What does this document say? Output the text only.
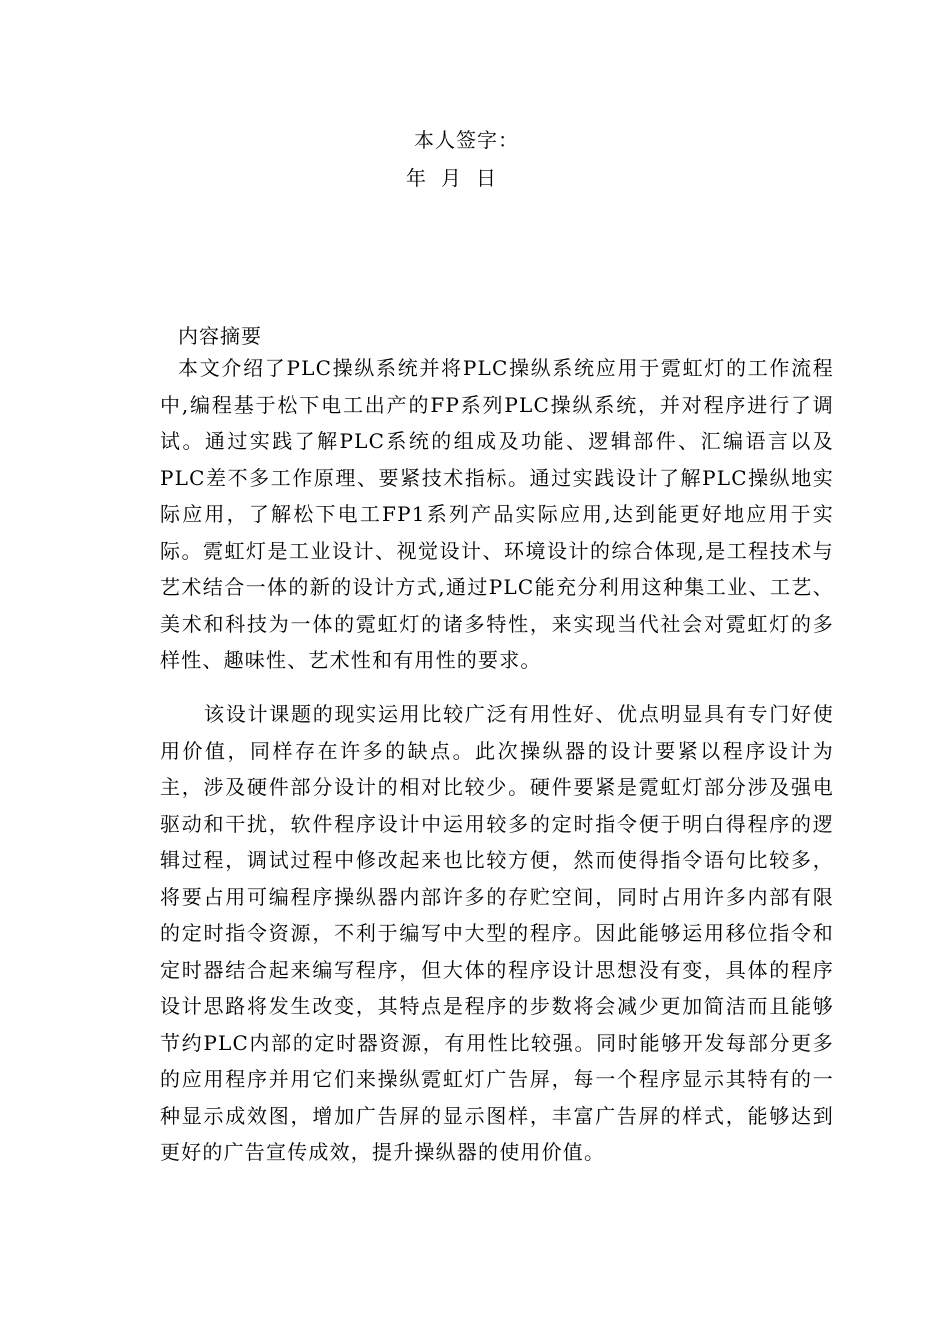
本人签字：
年 月 日
内容摘要

本文介绍了PLC操纵系统并将PLC操纵系统应用于霓虹灯的工作流程中,编程基于松下电工出产的FP系列PLC操纵系统，并对程序进行了调试。通过实践了解PLC系统的组成及功能、逻辑部件、汇编语言以及PLC差不多工作原理、要紧技术指标。通过实践设计了解PLC操纵地实际应用，了解松下电工FP1系列产品实际应用,达到能更好地应用于实际。霓虹灯是工业设计、视觉设计、环境设计的综合体现,是工程技术与艺术结合一体的新的设计方式,通过PLC能充分利用这种集工业、工艺、美术和科技为一体的霓虹灯的诸多特性，来实现当代社会对霓虹灯的多样性、趣味性、艺术性和有用性的要求。

该设计课题的现实运用比较广泛有用性好、优点明显具有专门好使用价值，同样存在许多的缺点。此次操纵器的设计要紧以程序设计为主，涉及硬件部分设计的相对比较少。硬件要紧是霓虹灯部分涉及强电驱动和干扰，软件程序设计中运用较多的定时指令便于明白得程序的逻辑过程，调试过程中修改起来也比较方便，然而使得指令语句比较多，将要占用可编程序操纵器内部许多的存贮空间，同时占用许多内部有限的定时指令资源，不利于编写中大型的程序。因此能够运用移位指令和定时器结合起来编写程序，但大体的程序设计思想没有变，具体的程序设计思路将发生改变，其特点是程序的步数将会减少更加简洁而且能够节约PLC内部的定时器资源，有用性比较强。同时能够开发每部分更多的应用程序并用它们来操纵霓虹灯广告屏，每一个程序显示其特有的一种显示成效图，增加广告屏的显示图样，丰富广告屏的样式，能够达到更好的广告宣传成效，提升操纵器的使用价值。
